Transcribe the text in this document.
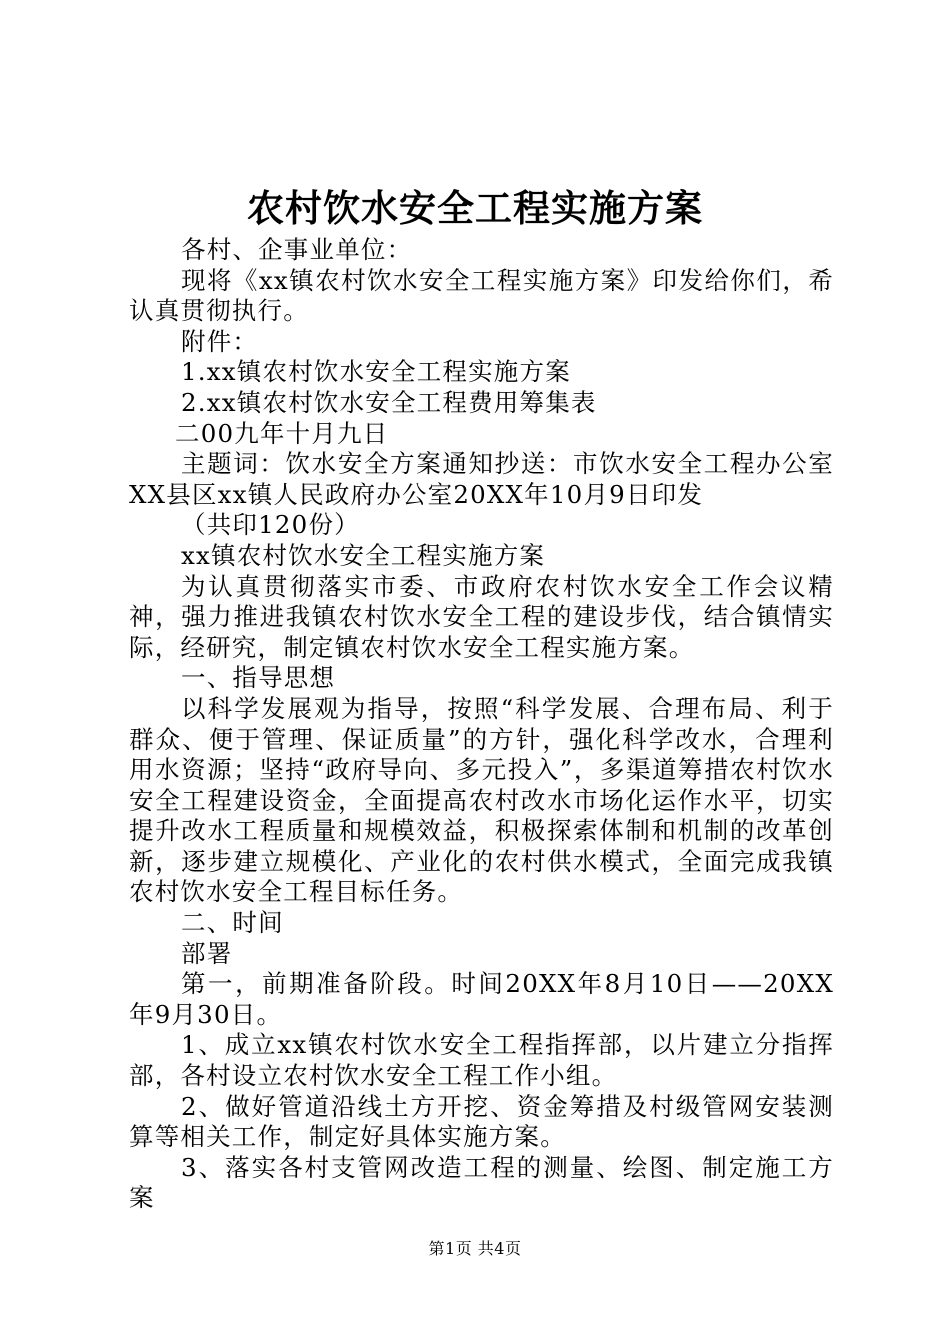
农村饮水安全工程实施方案

各村、企事业单位：

现将《xx镇农村饮水安全工程实施方案》印发给你们，希认真贯彻执行。

附件：

1.xx镇农村饮水安全工程实施方案

2.xx镇农村饮水安全工程费用筹集表

二00九年十月九日

主题词：饮水安全方案通知抄送：市饮水安全工程办公室XX县区xx镇人民政府办公室20XX年10月9日印发

（共印120份）

xx镇农村饮水安全工程实施方案

为认真贯彻落实市委、市政府农村饮水安全工作会议精神，强力推进我镇农村饮水安全工程的建设步伐，结合镇情实际，经研究，制定镇农村饮水安全工程实施方案。

一、指导思想

以科学发展观为指导，按照“科学发展、合理布局、利于群众、便于管理、保证质量”的方针，强化科学改水，合理利用水资源；坚持“政府导向、多元投入”，多渠道筹措农村饮水安全工程建设资金，全面提高农村改水市场化运作水平，切实提升改水工程质量和规模效益，积极探索体制和机制的改革创新，逐步建立规模化、产业化的农村供水模式，全面完成我镇农村饮水安全工程目标任务。

二、时间

部署

第一，前期准备阶段。时间20XX年8月10日——20XX年9月30日。

1、成立xx镇农村饮水安全工程指挥部，以片建立分指挥部，各村设立农村饮水安全工程工作小组。

2、做好管道沿线土方开挖、资金筹措及村级管网安装测算等相关工作，制定好具体实施方案。

3、落实各村支管网改造工程的测量、绘图、制定施工方案

第1页 共4页
